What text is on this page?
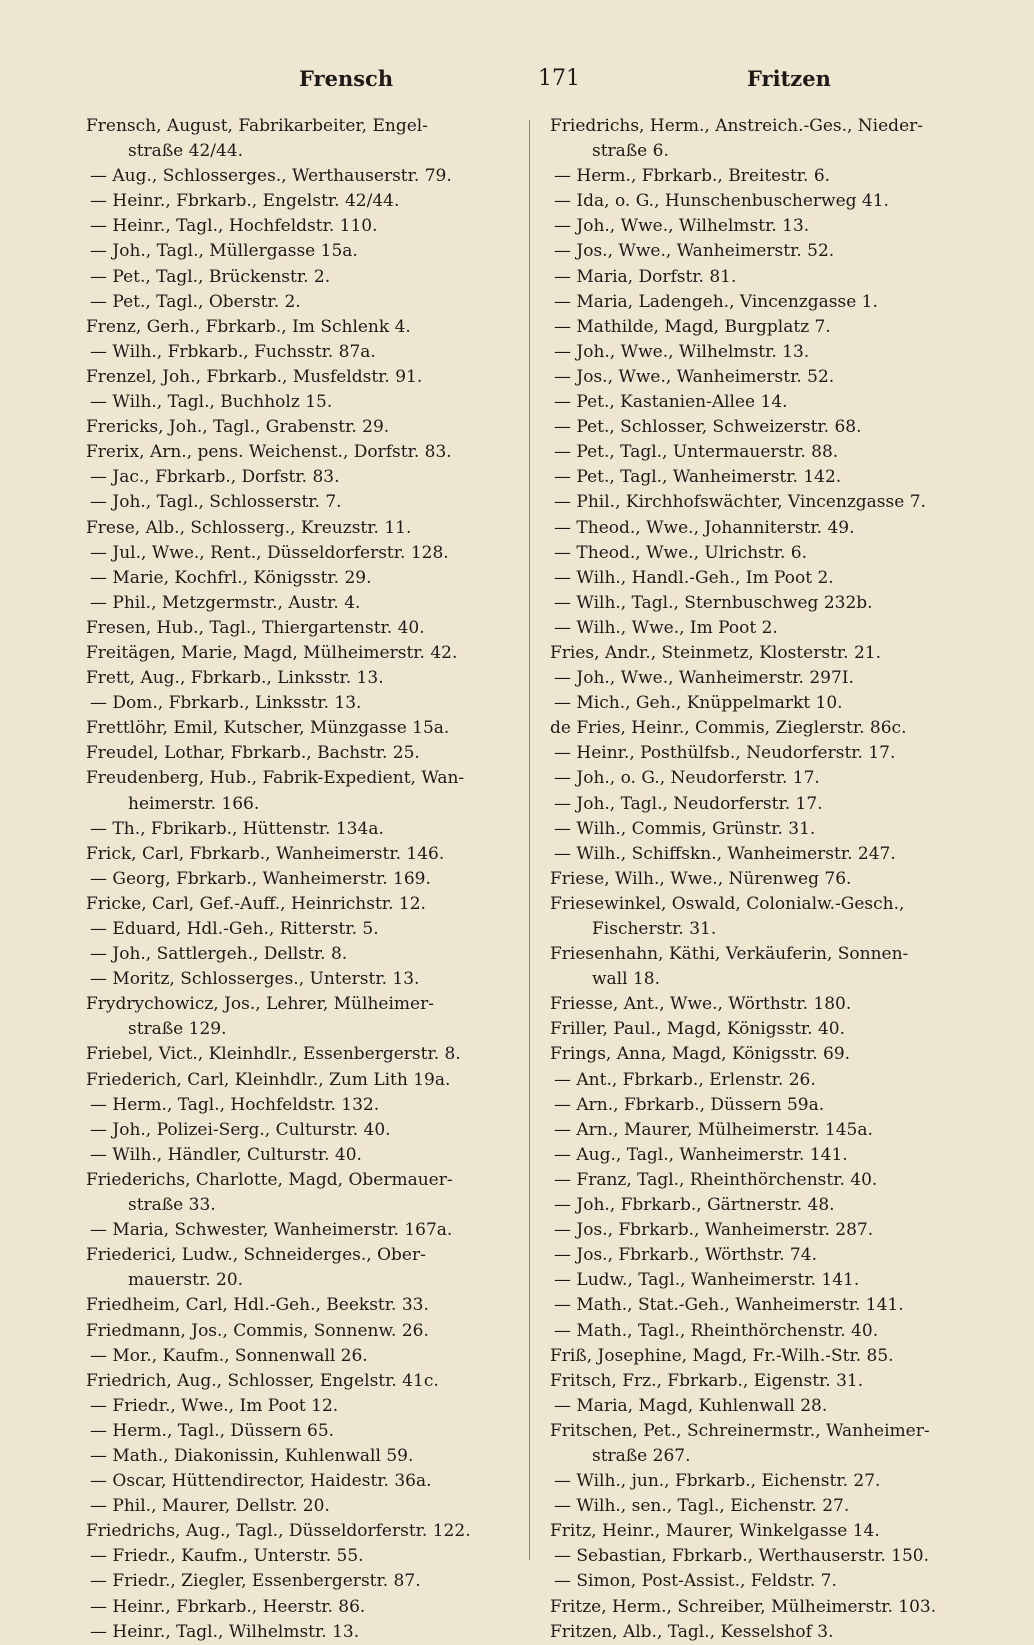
Frensch	171	Fritzen
Frensch, August, Fabrikarbeiter, Engel-
straße 42/44.
— Aug., Schlosserges., Werthauserstr. 79.
— Heinr., Fbrkarb., Engelstr. 42/44.
— Heinr., Tagl., Hochfeldstr. 110.
— Joh., Tagl., Müllergasse 15a.
— Pet., Tagl., Brückenstr. 2.
— Pet., Tagl., Oberstr. 2.
Frenz, Gerh., Fbrkarb., Im Schlenk 4.
— Wilh., Frbkarb., Fuchsstr. 87a.
Frenzel, Joh., Fbrkarb., Musfeldstr. 91.
— Wilh., Tagl., Buchholz 15.
Frericks, Joh., Tagl., Grabenstr. 29.
Frerix, Arn., pens. Weichenst., Dorfstr. 83.
— Jac., Fbrkarb., Dorfstr. 83.
— Joh., Tagl., Schlosserstr. 7.
Frese, Alb., Schlosserg., Kreuzstr. 11.
— Jul., Wwe., Rent., Düsseldorferstr. 128.
— Marie, Kochfrl., Königsstr. 29.
— Phil., Metzgermstr., Austr. 4.
Fresen, Hub., Tagl., Thiergartenstr. 40.
Freitägen, Marie, Magd, Mülheimerstr. 42.
Frett, Aug., Fbrkarb., Linksstr. 13.
— Dom., Fbrkarb., Linksstr. 13.
Frettlöhr, Emil, Kutscher, Münzgasse 15a.
Freudel, Lothar, Fbrkarb., Bachstr. 25.
Freudenberg, Hub., Fabrik-Expedient, Wan-
heimerstr. 166.
— Th., Fbrikarb., Hüttenstr. 134a.
Frick, Carl, Fbrkarb., Wanheimerstr. 146.
— Georg, Fbrkarb., Wanheimerstr. 169.
Fricke, Carl, Gef.-Auff., Heinrichstr. 12.
— Eduard, Hdl.-Geh., Ritterstr. 5.
— Joh., Sattlergeh., Dellstr. 8.
— Moritz, Schlosserges., Unterstr. 13.
Frydrychowicz, Jos., Lehrer, Mülheimer-
straße 129.
Friebel, Vict., Kleinhdlr., Essenbergerstr. 8.
Friederich, Carl, Kleinhdlr., Zum Lith 19a.
— Herm., Tagl., Hochfeldstr. 132.
— Joh., Polizei-Serg., Culturstr. 40.
— Wilh., Händler, Culturstr. 40.
Friederichs, Charlotte, Magd, Obermauer-
straße 33.
— Maria, Schwester, Wanheimerstr. 167a.
Friederici, Ludw., Schneiderges., Ober-
mauerstr. 20.
Friedheim, Carl, Hdl.-Geh., Beekstr. 33.
Friedmann, Jos., Commis, Sonnenw. 26.
— Mor., Kaufm., Sonnenwall 26.
Friedrich, Aug., Schlosser, Engelstr. 41c.
— Friedr., Wwe., Im Poot 12.
— Herm., Tagl., Düssern 65.
— Math., Diakonissin, Kuhlenwall 59.
— Oscar, Hüttendirector, Haidestr. 36a.
— Phil., Maurer, Dellstr. 20.
Friedrichs, Aug., Tagl., Düsseldorferstr. 122.
— Friedr., Kaufm., Unterstr. 55.
— Friedr., Ziegler, Essenbergerstr. 87.
— Heinr., Fbrkarb., Heerstr. 86.
— Heinr., Tagl., Wilhelmstr. 13.
Friedrichs, Herm., Anstreich.-Ges., Nieder-
straße 6.
— Herm., Fbrkarb., Breitestr. 6.
— Ida, o. G., Hunschenbuscherweg 41.
— Joh., Wwe., Wilhelmstr. 13.
— Jos., Wwe., Wanheimerstr. 52.
— Maria, Dorfstr. 81.
— Maria, Ladengeh., Vincenzgasse 1.
— Mathilde, Magd, Burgplatz 7.
— Joh., Wwe., Wilhelmstr. 13.
— Jos., Wwe., Wanheimerstr. 52.
— Pet., Kastanien-Allee 14.
— Pet., Schlosser, Schweizerstr. 68.
— Pet., Tagl., Untermauerstr. 88.
— Pet., Tagl., Wanheimerstr. 142.
— Phil., Kirchhofswächter, Vincenzgasse 7.
— Theod., Wwe., Johanniterstr. 49.
— Theod., Wwe., Ulrichstr. 6.
— Wilh., Handl.-Geh., Im Poot 2.
— Wilh., Tagl., Sternbuschweg 232b.
— Wilh., Wwe., Im Poot 2.
Fries, Andr., Steinmetz, Klosterstr. 21.
— Joh., Wwe., Wanheimerstr. 297I.
— Mich., Geh., Knüppelmarkt 10.
de Fries, Heinr., Commis, Zieglerstr. 86c.
— Heinr., Posthülfsb., Neudorferstr. 17.
— Joh., o. G., Neudorferstr. 17.
— Joh., Tagl., Neudorferstr. 17.
— Wilh., Commis, Grünstr. 31.
— Wilh., Schiffskn., Wanheimerstr. 247.
Friese, Wilh., Wwe., Nürenweg 76.
Friesewinkel, Oswald, Colonialw.-Gesch.,
Fischerstr. 31.
Friesenhahn, Käthi, Verkäuferin, Sonnen-
wall 18.
Friesse, Ant., Wwe., Wörthstr. 180.
Friller, Paul., Magd, Königsstr. 40.
Frings, Anna, Magd, Königsstr. 69.
— Ant., Fbrkarb., Erlenstr. 26.
— Arn., Fbrkarb., Düssern 59a.
— Arn., Maurer, Mülheimerstr. 145a.
— Aug., Tagl., Wanheimerstr. 141.
— Franz, Tagl., Rheinthörchenstr. 40.
— Joh., Fbrkarb., Gärtnerstr. 48.
— Jos., Fbrkarb., Wanheimerstr. 287.
— Jos., Fbrkarb., Wörthstr. 74.
— Ludw., Tagl., Wanheimerstr. 141.
— Math., Stat.-Geh., Wanheimerstr. 141.
— Math., Tagl., Rheinthörchenstr. 40.
Friß, Josephine, Magd, Fr.-Wilh.-Str. 85.
Fritsch, Frz., Fbrkarb., Eigenstr. 31.
— Maria, Magd, Kuhlenwall 28.
Fritschen, Pet., Schreinermstr., Wanheimer-
straße 267.
— Wilh., jun., Fbrkarb., Eichenstr. 27.
— Wilh., sen., Tagl., Eichenstr. 27.
Fritz, Heinr., Maurer, Winkelgasse 14.
— Sebastian, Fbrkarb., Werthauserstr. 150.
— Simon, Post-Assist., Feldstr. 7.
Fritze, Herm., Schreiber, Mülheimerstr. 103.
Fritzen, Alb., Tagl., Kesselshof 3.
